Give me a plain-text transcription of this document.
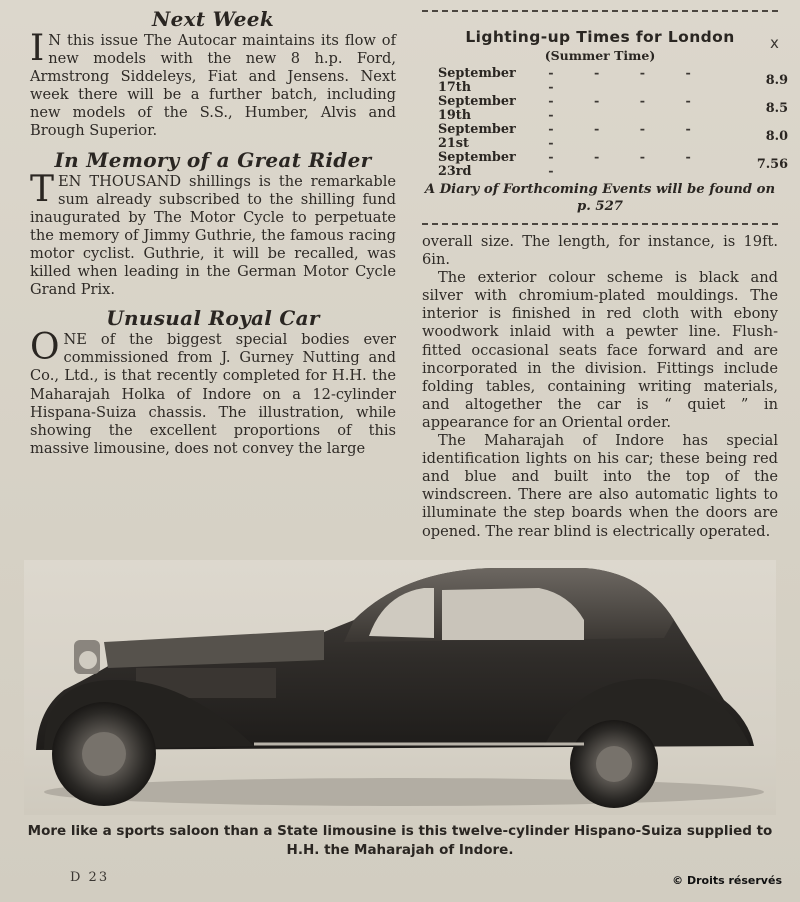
Next Week

I N this issue The Autocar maintains its flow of new models with the new 8 h.p. Ford, Armstrong Siddeleys, Fiat and Jensens. Next week there will be a further batch, including new models of the S.S., Humber, Alvis and Brough Superior.

In Memory of a Great Rider

TEN THOUSAND shillings is the remarkable sum already subscribed to the shilling fund inaugurated by The Motor Cycle to perpetuate the memory of Jimmy Guthrie, the famous racing motor cyclist. Guthrie, it will be recalled, was killed when leading in the German Motor Cycle Grand Prix.

Unusual Royal Car

ONE of the biggest special bodies ever commissioned from J. Gurney Nutting and Co., Ltd., is that recently completed for H.H. the Maharajah Holka of Indore on a 12-cylinder Hispana-Suiza chassis. The illustration, while showing the excellent proportions of this massive limousine, does not convey the large

Lighting-up Times for London
(Summer Time)
September 17th	- - - - -	8.9
September 19th	- - - - -	8.5
September 21st	- - - - -	8.0
September 23rd	- - - - -	7.56
A Diary of Forthcoming Events will be found on p. 527

overall size. The length, for instance, is 19ft. 6in.

The exterior colour scheme is black and silver with chromium-plated mouldings. The interior is finished in red cloth with ebony woodwork inlaid with a pewter line. Flush-fitted occasional seats face forward and are incorporated in the division. Fittings include folding tables, containing writing materials, and altogether the car is “ quiet ” in appearance for an Oriental order.

The Maharajah of Indore has special identification lights on his car; these being red and blue and built into the top of the windscreen. There are also automatic lights to illuminate the step boards when the doors are opened. The rear blind is electrically operated.

x
More like a sports saloon than a State limousine is this twelve-cylinder Hispano-Suiza supplied to H.H. the Maharajah of Indore.
D 23	© Droits réservés
